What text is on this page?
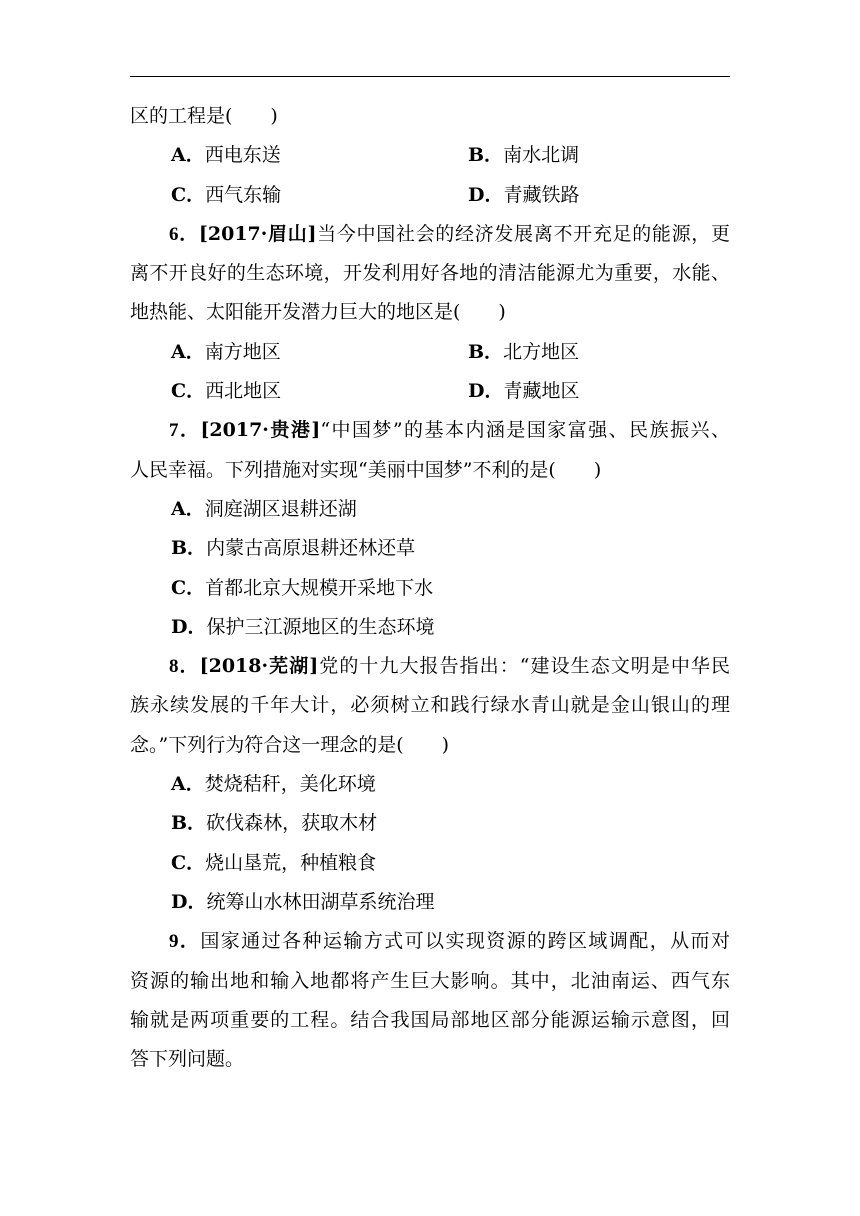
区的工程是(　　)
A．西电东送	B．南水北调
C．西气东输	D．青藏铁路
6．[2017·眉山]当今中国社会的经济发展离不开充足的能源，更
离不开良好的生态环境，开发利用好各地的清洁能源尤为重要，水能、
地热能、太阳能开发潜力巨大的地区是(　　)
A．南方地区	B．北方地区
C．西北地区	D．青藏地区
7．[2017·贵港]“中国梦”的基本内涵是国家富强、民族振兴、
人民幸福。下列措施对实现“美丽中国梦”不利的是(　　)
A．洞庭湖区退耕还湖
B．内蒙古高原退耕还林还草
C．首都北京大规模开采地下水
D．保护三江源地区的生态环境
8．[2018·芜湖]党的十九大报告指出：“建设生态文明是中华民
族永续发展的千年大计，必须树立和践行绿水青山就是金山银山的理
念。”下列行为符合这一理念的是(　　)
A．焚烧秸秆，美化环境
B．砍伐森林，获取木材
C．烧山垦荒，种植粮食
D．统筹山水林田湖草系统治理
9．国家通过各种运输方式可以实现资源的跨区域调配，从而对
资源的输出地和输入地都将产生巨大影响。其中，北油南运、西气东
输就是两项重要的工程。结合我国局部地区部分能源运输示意图，回
答下列问题。
